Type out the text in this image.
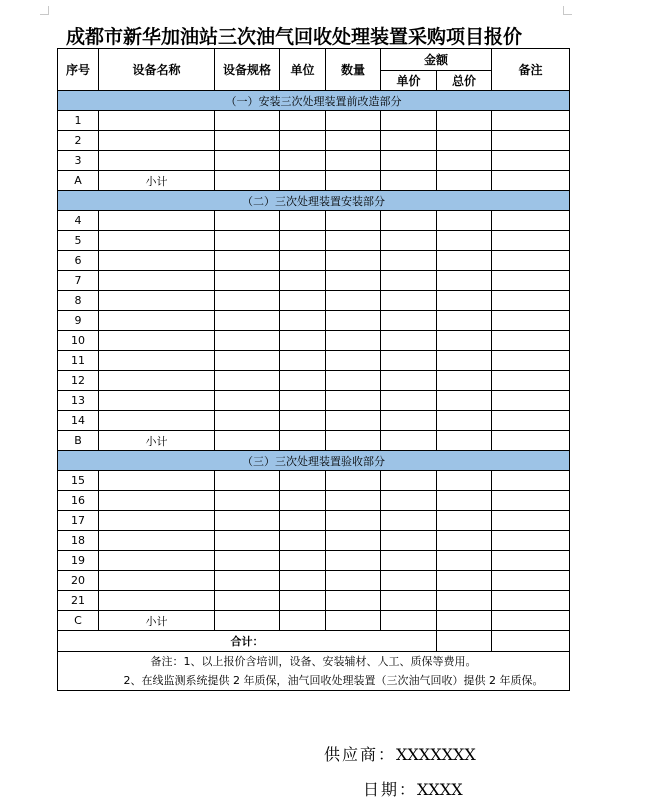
成都市新华加油站三次油气回收处理装置采购项目报价
序号	设备名称	设备规格	单位	数量	金额		备注
					单价	总价	
（一）安装三次处理装置前改造部分							
1							
2							
3							
A	小计						
（二）三次处理装置安装部分							
4							
5							
6							
7							
8							
9							
10							
11							
12							
13							
14							
B	小计						
（三）三次处理装置验收部分							
15							
16							
17							
18							
19							
20							
21							
C	小计						
合计：							
备注：1、以上报价含培训，设备、安装辅材、人工、质保等费用。
2、在线监测系统提供 2 年质保，油气回收处理装置（三次油气回收）提供 2 年质保。							
供应商：XXXXXXX
日期：XXXX
